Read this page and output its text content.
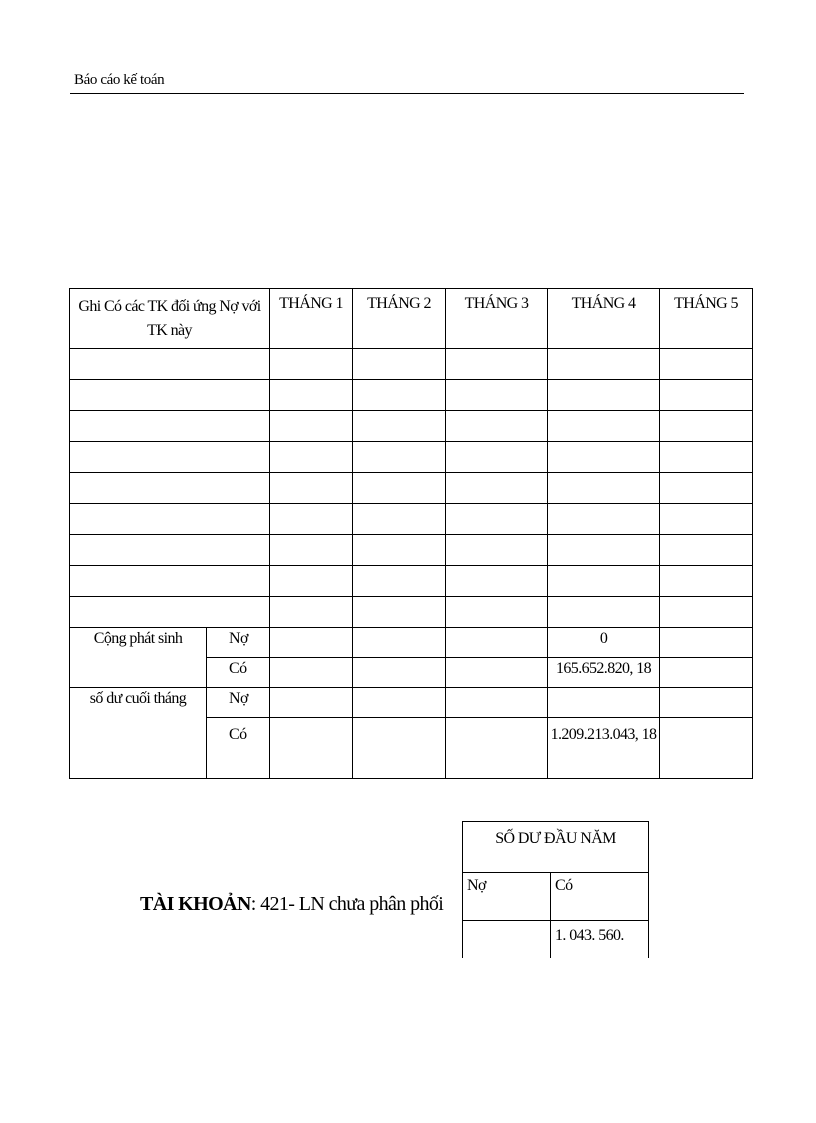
Báo cáo kế toán
Ghi Có các TK đối ứng Nợ với TK này		THÁNG 1	THÁNG 2	THÁNG 3	THÁNG 4	THÁNG 5

Cộng phát sinh	Nợ				0	
	Có				165.652.820, 18	
số dư cuối tháng	Nợ					
	Có				1.209.213.043, 18	
TÀI KHOẢN: 421- LN chưa phân phối
SỐ DƯ ĐẦU NĂM	
Nợ	Có
	1. 043. 560.
